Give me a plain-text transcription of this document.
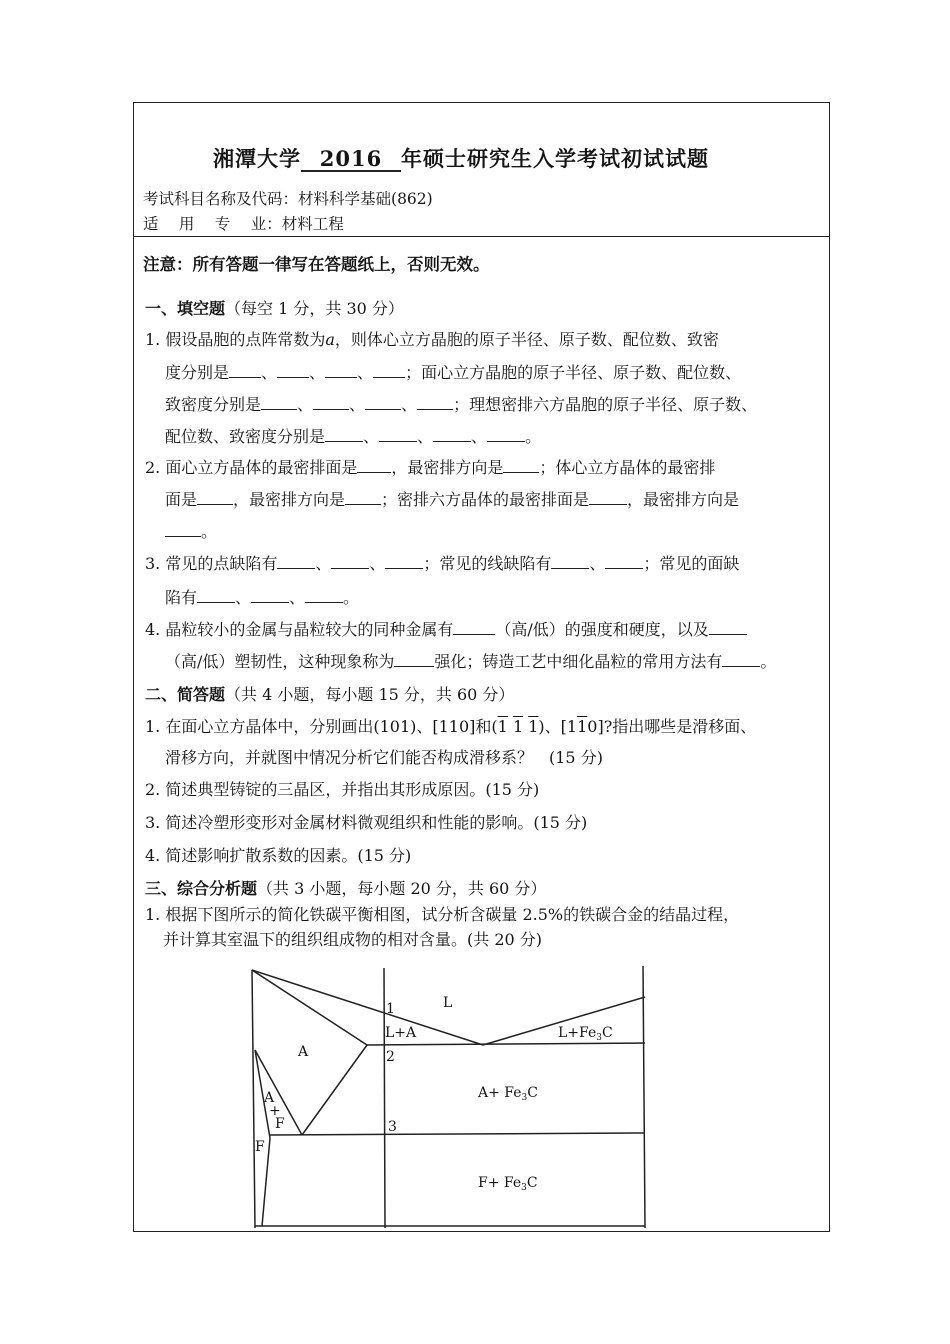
湘潭大学 2016 年硕士研究生入学考试初试试题
考试科目名称及代码：材料科学基础(862)
适　 用　 专　 业：材料工程
注意：所有答题一律写在答题纸上，否则无效。
一、填空题（每空 1 分，共 30 分）
1. 假设晶胞的点阵常数为a，则体心立方晶胞的原子半径、原子数、配位数、致密
度分别是 、 、 、 ；面心立方晶胞的原子半径、原子数、配位数、
致密度分别是 、 、 、 ；理想密排六方晶胞的原子半径、原子数、
配位数、致密度分别是 、 、 、 。
2. 面心立方晶体的最密排面是 ，最密排方向是 ；体心立方晶体的最密排
面是 ，最密排方向是 ；密排六方晶体的最密排面是 ，最密排方向是
。
3. 常见的点缺陷有 、 、 ；常见的线缺陷有 、 ；常见的面缺
陷有 、 、 。
4. 晶粒较小的金属与晶粒较大的同种金属有	（高/低）的强度和硬度，以及
（高/低）塑韧性，这种现象称为	强化；铸造工艺中细化晶粒的常用方法有 。
二、简答题（共 4 小题，每小题 15 分，共 60 分）
1. 在面心立方晶体中，分别画出(101)、[110]和(1 1 1)、[110]?指出哪些是滑移面、
滑移方向，并就图中情况分析它们能否构成滑移系？　(15 分)
2. 简述典型铸锭的三晶区，并指出其形成原因。(15 分)
3. 简述冷塑形变形对金属材料微观组织和性能的影响。(15 分)
4. 简述影响扩散系数的因素。(15 分)
三、综合分析题（共 3 小题，每小题 20 分，共 60 分）
1. 根据下图所示的简化铁碳平衡相图，试分析含碳量 2.5%的铁碳合金的结晶过程，
并计算其室温下的组织组成物的相对含量。(共 20 分)
L
L+A	$L+Fe_3C$
A
$A+ Fe_3C$
$F+ Fe_3C$
A
+
F
F
1
2
3
